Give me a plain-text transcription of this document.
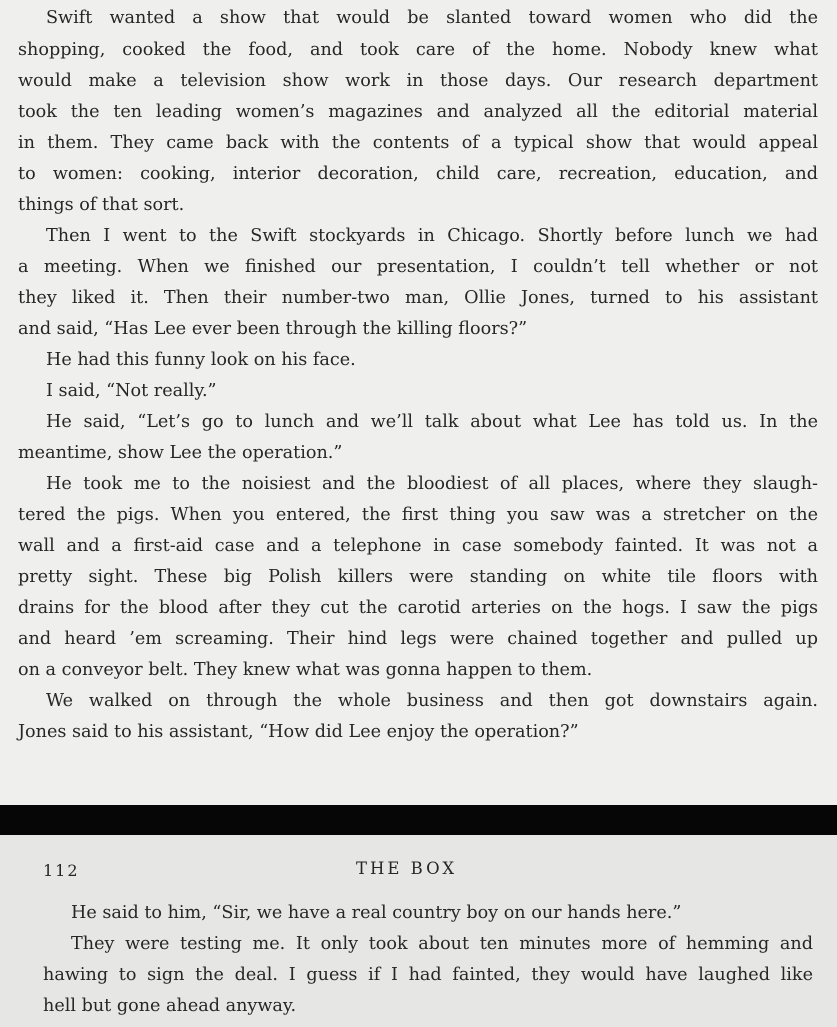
Swift wanted a show that would be slanted toward women who did the
shopping, cooked the food, and took care of the home. Nobody knew what
would make a television show work in those days. Our research department
took the ten leading women’s magazines and analyzed all the editorial material
in them. They came back with the contents of a typical show that would appeal
to women: cooking, interior decoration, child care, recreation, education, and
things of that sort.
Then I went to the Swift stockyards in Chicago. Shortly before lunch we had
a meeting. When we finished our presentation, I couldn’t tell whether or not
they liked it. Then their number-two man, Ollie Jones, turned to his assistant
and said, “Has Lee ever been through the killing floors?”
He had this funny look on his face.
I said, “Not really.”
He said, “Let’s go to lunch and we’ll talk about what Lee has told us. In the
meantime, show Lee the operation.”
He took me to the noisiest and the bloodiest of all places, where they slaugh-
tered the pigs. When you entered, the first thing you saw was a stretcher on the
wall and a first-aid case and a telephone in case somebody fainted. It was not a
pretty sight. These big Polish killers were standing on white tile floors with
drains for the blood after they cut the carotid arteries on the hogs. I saw the pigs
and heard ’em screaming. Their hind legs were chained together and pulled up
on a conveyor belt. They knew what was gonna happen to them.
We walked on through the whole business and then got downstairs again.
Jones said to his assistant, “How did Lee enjoy the operation?”
112	THE BOX
He said to him, “Sir, we have a real country boy on our hands here.”
They were testing me. It only took about ten minutes more of hemming and
hawing to sign the deal. I guess if I had fainted, they would have laughed like
hell but gone ahead anyway.
